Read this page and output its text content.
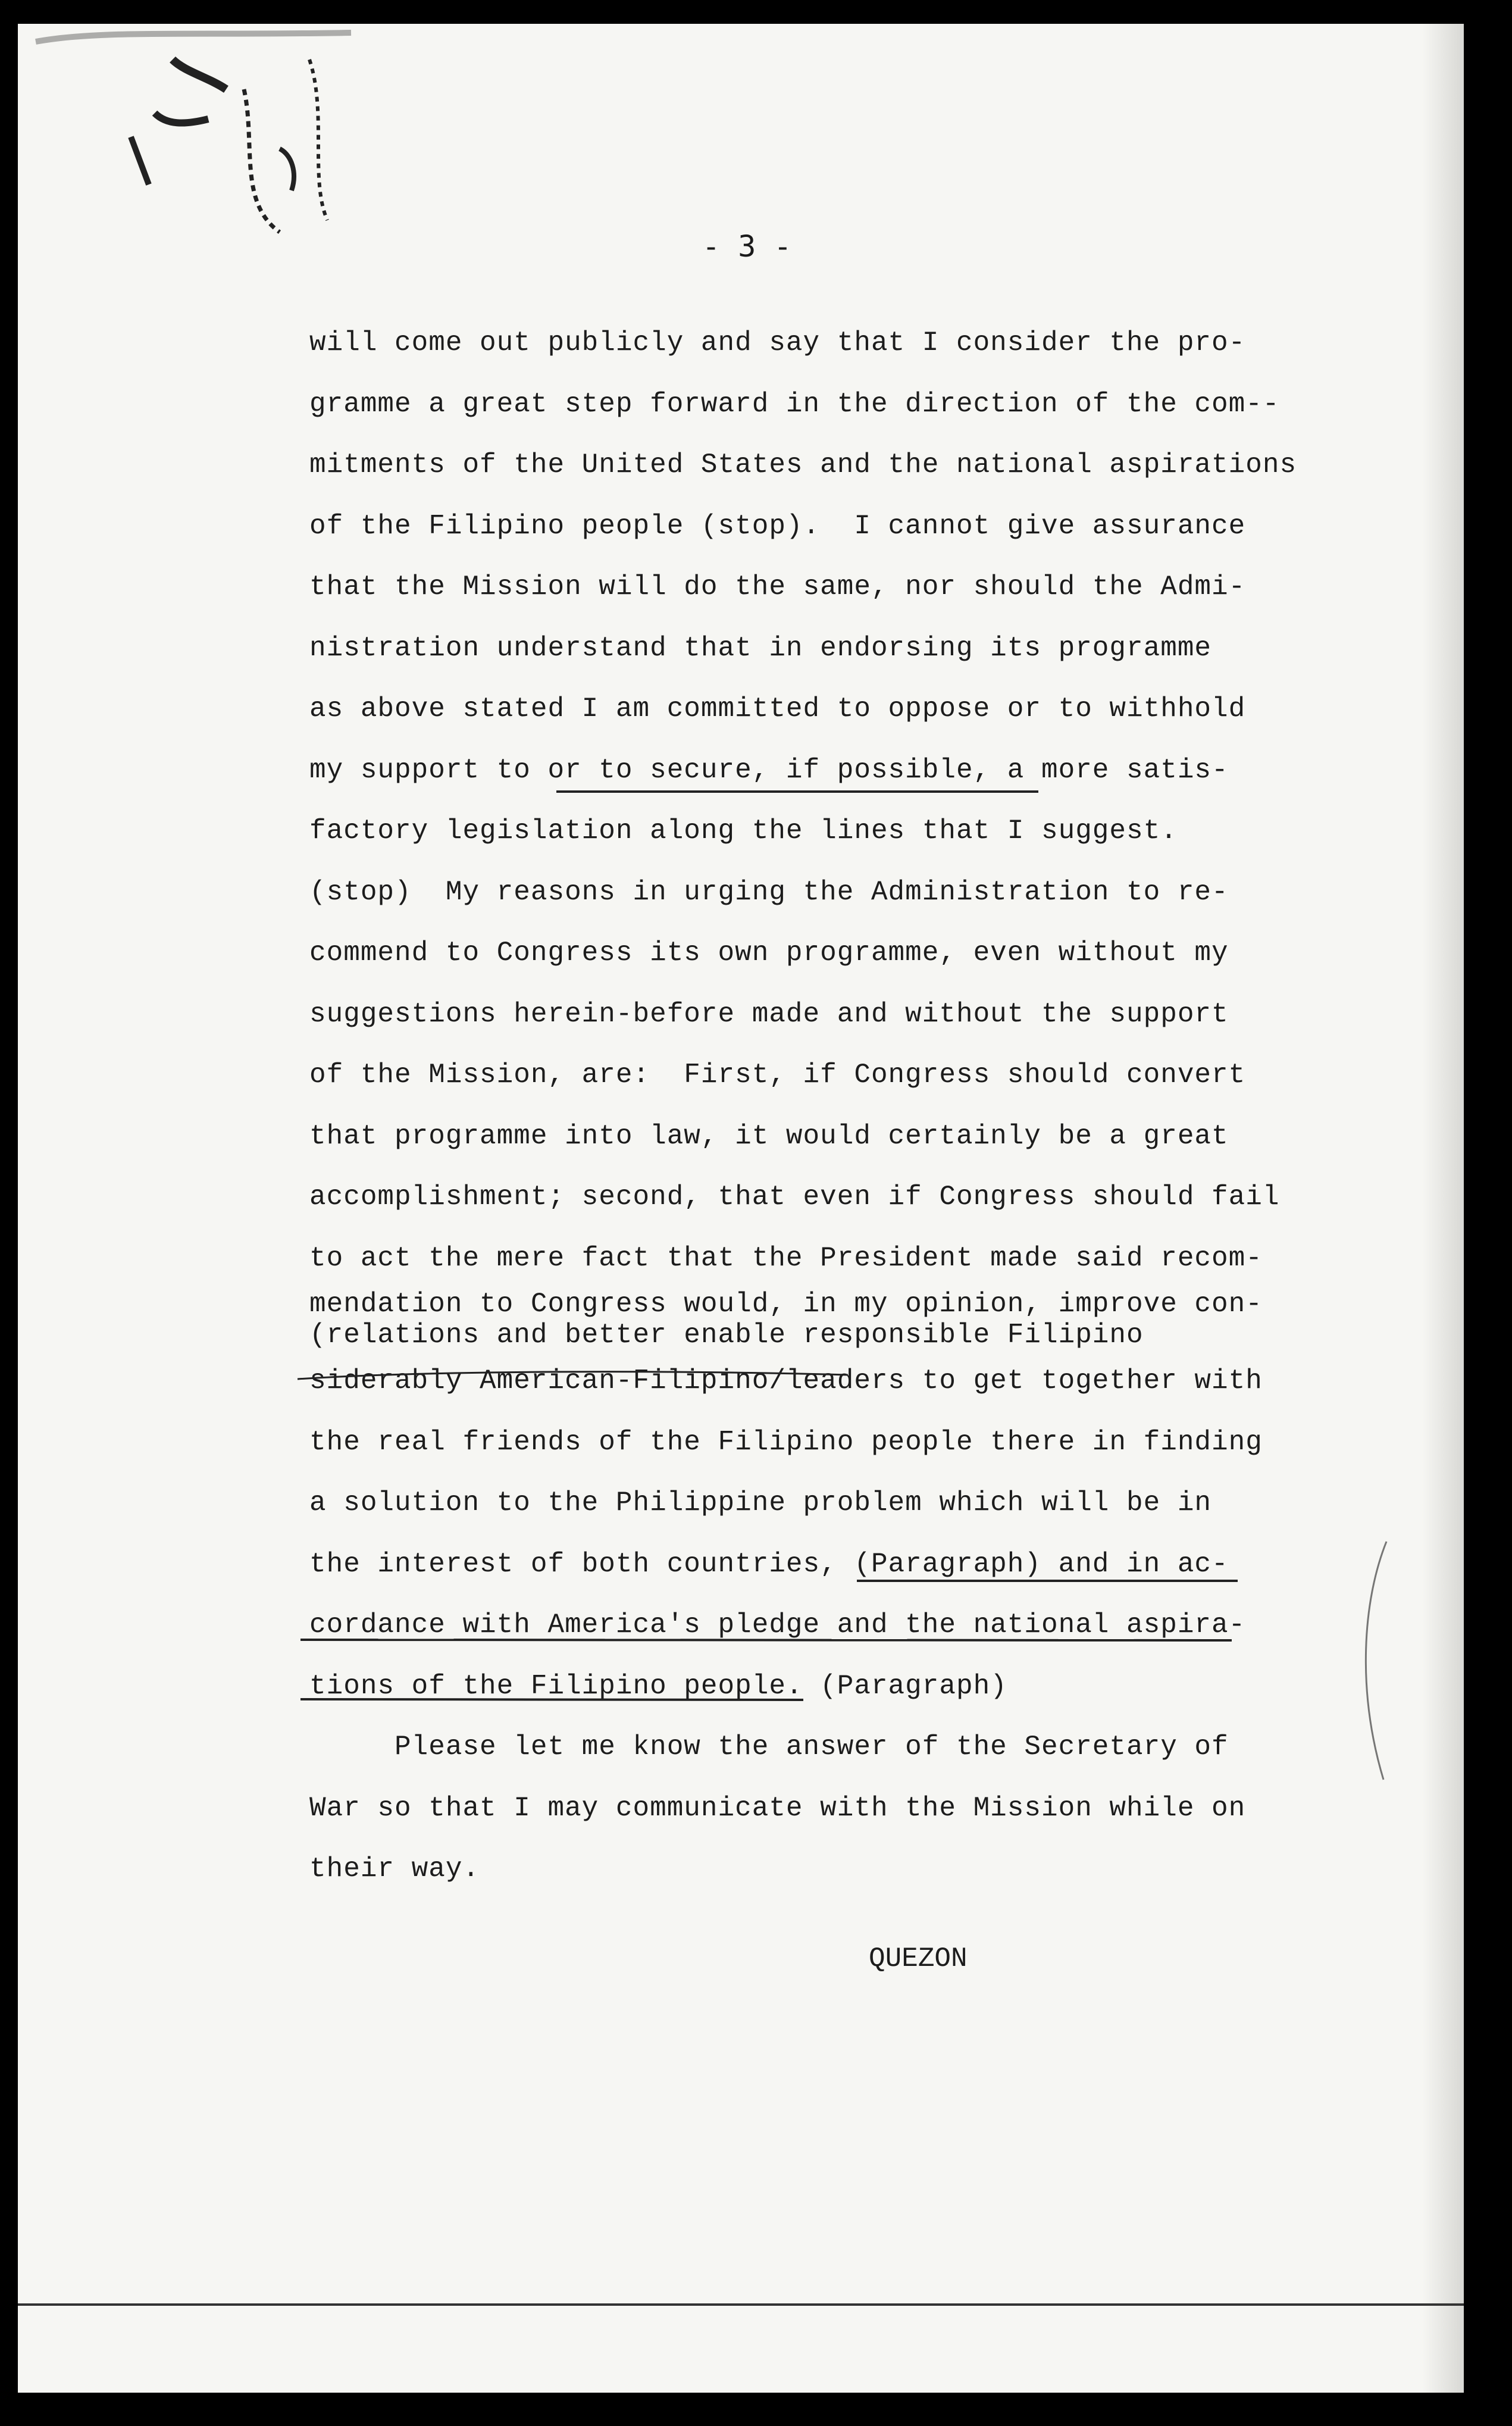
- 3 -

will come out publicly and say that I consider the pro-
gramme a great step forward in the direction of the com--
mitments of the United States and the national aspirations
of the Filipino people (stop).  I cannot give assurance
that the Mission will do the same, nor should the Admi-
nistration understand that in endorsing its programme
as above stated I am committed to oppose or to withhold
my support to or to secure, if possible, a more satis-
factory legislation along the lines that I suggest.
(stop)  My reasons in urging the Administration to re-
commend to Congress its own programme, even without my
suggestions herein-before made and without the support
of the Mission, are:  First, if Congress should convert
that programme into law, it would certainly be a great
accomplishment; second, that even if Congress should fail
to act the mere fact that the President made said recom-
mendation to Congress would, in my opinion, improve con-
(relations and better enable responsible Filipino
siderably American-Filipino/leaders to get together with
the real friends of the Filipino people there in finding
a solution to the Philippine problem which will be in
the interest of both countries, (Paragraph) and in ac-
cordance with America's pledge and the national aspira-
tions of the Filipino people. (Paragraph)
Please let me know the answer of the Secretary of
War so that I may communicate with the Mission while on
their way.

QUEZON
